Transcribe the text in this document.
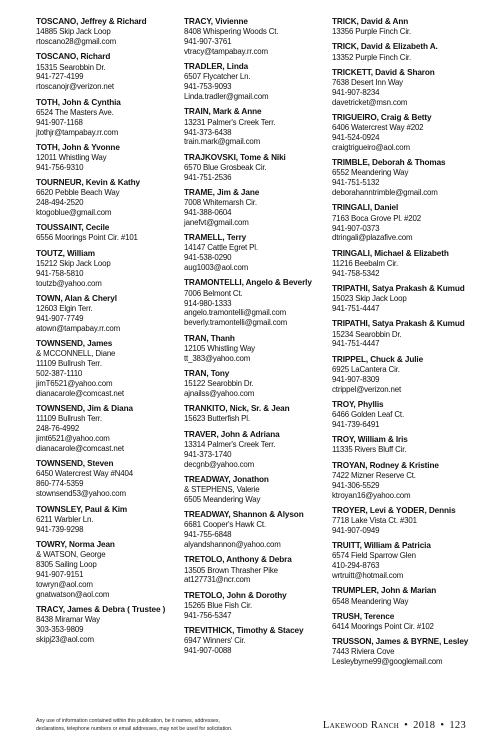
TOSCANO, Jeffrey & Richard
14885 Skip Jack Loop
rtoscano28@gmail.com
TOSCANO, Richard
15315 Searobbin Dr.
941-727-4199
rtoscanojr@verizon.net
TOTH, John & Cynthia
6524 The Masters Ave.
941-907-1168
jtothjr@tampabay.rr.com
TOTH, John & Yvonne
12011 Whistling Way
941-756-9310
TOURNEUR, Kevin & Kathy
6620 Pebble Beach Way
248-494-2520
ktogoblue@gmail.com
TOUSSAINT, Cecile
6556 Moorings Point Cir. #101
TOUTZ, William
15212 Skip Jack Loop
941-758-5810
toutzb@yahoo.com
TOWN, Alan & Cheryl
12603 Elgin Terr.
941-907-7749
atown@tampabay.rr.com
TOWNSEND, James
& MCCONNELL, Diane
11109 Bullrush Terr.
502-387-1110
jimT6521@yahoo.com
dianacarole@comcast.net
TOWNSEND, Jim & Diana
11109 Bullrush Terr.
248-76-4992
jimt6521@yahoo.com
dianacarole@comcast.net
TOWNSEND, Steven
6450 Watercrest Way #N404
860-774-5359
stownsend53@yahoo.com
TOWNSLEY, Paul & Kim
6211 Warbler Ln.
941-739-9298
TOWRY, Norma Jean
& WATSON, George
8305 Sailing Loop
941-907-9151
towryn@aol.com
gnatwatson@aol.com
TRACY, James & Debra ( Trustee )
8438 Miramar Way
303-353-9809
skipj23@aol.com
TRACY, Vivienne
8408 Whispering Woods Ct.
941-907-3761
vtracy@tampabay.rr.com
TRADLER, Linda
6507 Flycatcher Ln.
941-753-9093
Linda.tradler@gmail.com
TRAIN, Mark & Anne
13231 Palmer's Creek Terr.
941-373-6438
train.mark@gmail.com
TRAJKOVSKI, Tome & Niki
6570 Blue Grosbeak Cir.
941-751-2536
TRAME, Jim & Jane
7008 Whitemarsh Cir.
941-388-0604
janefvt@gmail.com
TRAMELL, Terry
14147 Cattle Egret Pl.
941-538-0290
aug1003@aol.com
TRAMONTELLI, Angelo & Beverly
7006 Belmont Ct.
914-980-1333
angelo.tramontelli@gmail.com
beverly.tramontelli@gmail.com
TRAN, Thanh
12105 Whistling Way
tt_383@yahoo.com
TRAN, Tony
15122 Searobbin Dr.
ajnailss@yahoo.com
TRANKITO, Nick, Sr. & Jean
15623 Butterfish Pl.
TRAVER, John & Adriana
13314 Palmer's Creek Terr.
941-373-1740
decgnb@yahoo.com
TREADWAY, Jonathon
& STEPHENS, Valerie
6505 Meandering Way
TREADWAY, Shannon & Alyson
6681 Cooper's Hawk Ct.
941-755-6848
alyandshannon@yahoo.com
TRETOLO, Anthony & Debra
13505 Brown Thrasher Pike
at127731@ncr.com
TRETOLO, John & Dorothy
15265 Blue Fish Cir.
941-756-5347
TREVITHICK, Timothy & Stacey
6947 Winners' Cir.
941-907-0088
TRICK, David & Ann
13356 Purple Finch Cir.
TRICK, David & Elizabeth A.
13352 Purple Finch Cir.
TRICKETT, David & Sharon
7638 Desert Inn Way
941-907-8234
davetricket@msn.com
TRIGUEIRO, Craig & Betty
6406 Watercrest Way #202
941-524-0924
craigtrigueiro@aol.com
TRIMBLE, Deborah & Thomas
6552 Meandering Way
941-751-5132
deborahanntrimble@gmail.com
TRINGALI, Daniel
7163 Boca Grove Pl. #202
941-907-0373
dtringali@plazafive.com
TRINGALI, Michael & Elizabeth
11216 Beebalm Cir.
941-758-5342
TRIPATHI, Satya Prakash & Kumud
15023 Skip Jack Loop
941-751-4447
TRIPATHI, Satya Prakash & Kumud
15234 Searobbin Dr.
941-751-4447
TRIPPEL, Chuck & Julie
6925 LaCantera Cir.
941-907-8309
ctrippel@verizon.net
TROY, Phyllis
6466 Golden Leaf Ct.
941-739-6491
TROY, William & Iris
11335 Rivers Bluff Cir.
TROYAN, Rodney & Kristine
7422 Mizner Reserve Ct.
941-306-5529
ktroyan16@yahoo.com
TROYER, Levi & YODER, Dennis
7718 Lake Vista Ct. #301
941-907-0949
TRUITT, William & Patricia
6574 Field Sparrow Glen
410-294-8763
wrtruitt@hotmail.com
TRUMPLER, John & Marian
6548 Meandering Way
TRUSH, Terence
6414 Moorings Point Cir. #102
TRUSSON, James & BYRNE, Lesley
7443 Riviera Cove
Lesleybyrne99@googlemail.com
Any use of information contained within this publication, be it names, addresses,
declarations, telephone numbers or email addresses, may not be used for solicitation.	Lakewood Ranch • 2018 • 123
